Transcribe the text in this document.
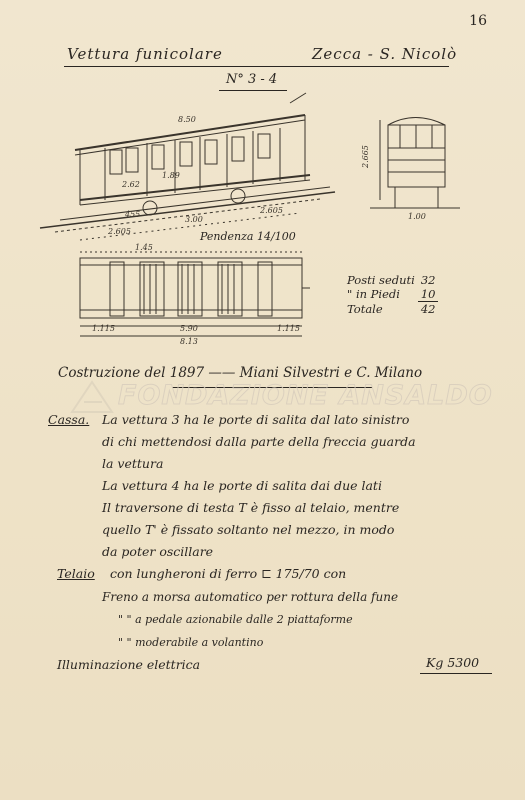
16
Vettura funicolare	Zecca - S. Nicolò
N° 3 - 4
8.50
2.62
1.89
455
3.00
2.605
2.605
2.665
1.00
1.45
1.115	5.90	1.115
8.13
Pendenza 14/100
Posti seduti	32
" in Piedi	10
Totale	42
Costruzione del 1897 —— Miani Silvestri e C. Milano
FONDAZIONE ANSALDO
Cassa. La vettura 3 ha le porte di salita dal lato sinistro
di chi mettendosi dalla parte della freccia guarda
la vettura
La vettura 4 ha le porte di salita dai due lati
Il traversone di testa T è fisso al telaio, mentre
quello T' è fissato soltanto nel mezzo, in modo
da poter oscillare
Telaio con lungheroni di ferro ⊏ 175/70 con
Freno a morsa automatico per rottura della fune
" " a pedale azionabile dalle 2 piattaforme
" " moderabile a volantino
Illuminazione elettrica	Kg 5300
